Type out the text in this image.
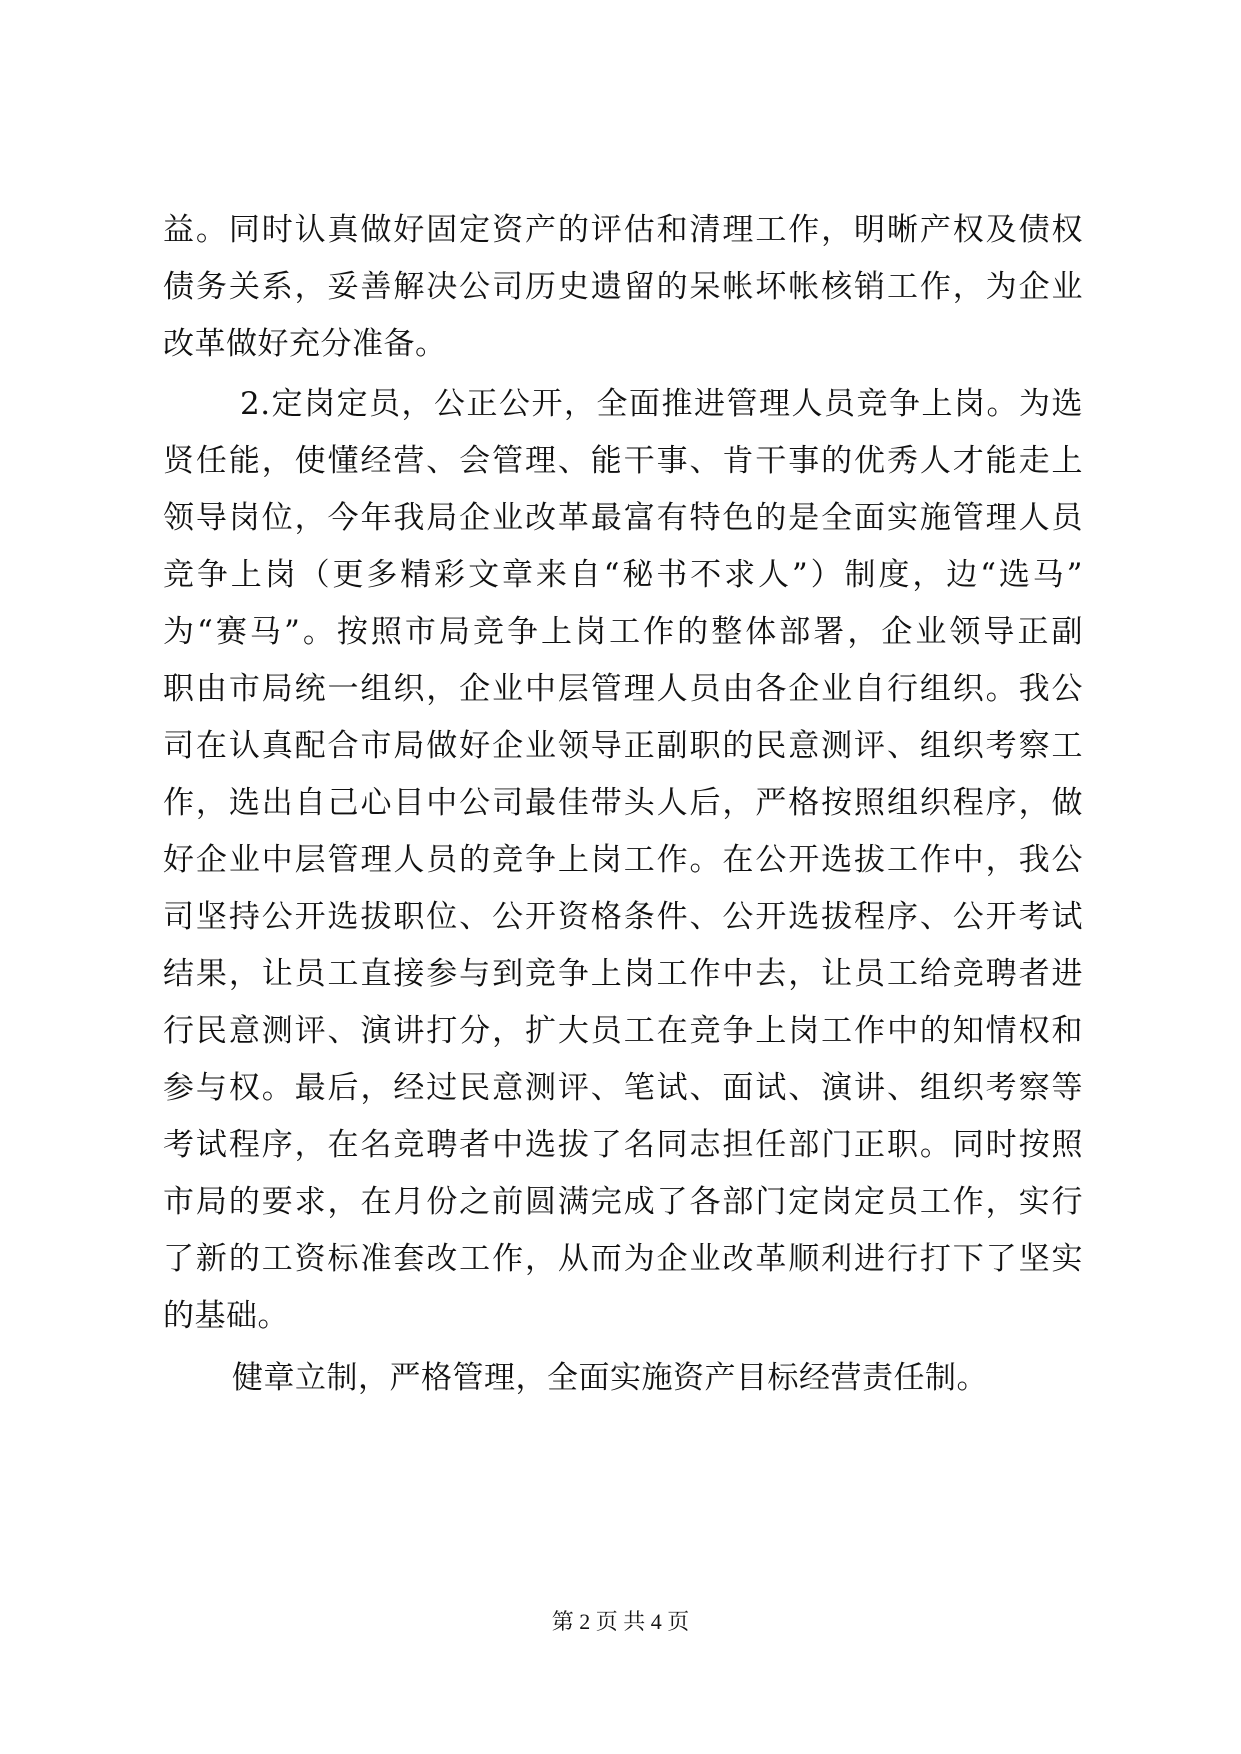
益。同时认真做好固定资产的评估和清理工作，明晰产权及债权
债务关系，妥善解决公司历史遗留的呆帐坏帐核销工作，为企业
改革做好充分准备。
2.定岗定员，公正公开，全面推进管理人员竞争上岗。为选
贤任能，使懂经营、会管理、能干事、肯干事的优秀人才能走上
领导岗位，今年我局企业改革最富有特色的是全面实施管理人员
竞争上岗（更多精彩文章来自“秘书不求人”）制度，边“选马”
为“赛马”。按照市局竞争上岗工作的整体部署，企业领导正副
职由市局统一组织，企业中层管理人员由各企业自行组织。我公
司在认真配合市局做好企业领导正副职的民意测评、组织考察工
作，选出自己心目中公司最佳带头人后，严格按照组织程序，做
好企业中层管理人员的竞争上岗工作。在公开选拔工作中，我公
司坚持公开选拔职位、公开资格条件、公开选拔程序、公开考试
结果，让员工直接参与到竞争上岗工作中去，让员工给竞聘者进
行民意测评、演讲打分，扩大员工在竞争上岗工作中的知情权和
参与权。最后，经过民意测评、笔试、面试、演讲、组织考察等
考试程序，在名竞聘者中选拔了名同志担任部门正职。同时按照
市局的要求，在月份之前圆满完成了各部门定岗定员工作，实行
了新的工资标准套改工作，从而为企业改革顺利进行打下了坚实
的基础。
健章立制，严格管理，全面实施资产目标经营责任制。
第 2 页 共 4 页
